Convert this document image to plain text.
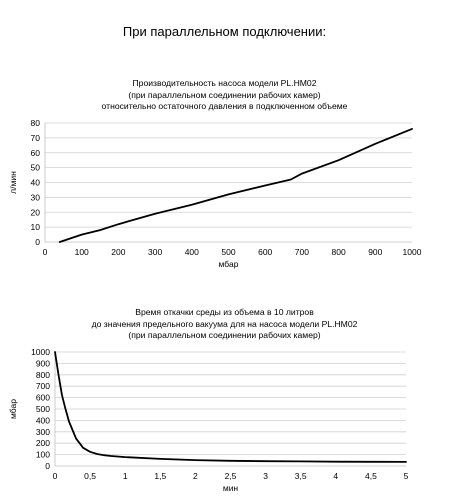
При параллельном подключении:
Производительность насоса модели PL.HM02
(при параллельном соединении рабочих камер)
относительно остаточного давления в подключенном объеме
Время откачки среды из объема в 10 литров
до значения предельного вакуума для на насоса модели PL.HM02
(при параллельном соединении рабочих камер)
0
10
20
30
40
50
60
70
80
0	100	200	300	400	500	600	700	800	900 1000
мбар
л/мин
0
100
200
300
400
500
600
700
800
900
1000
0	0,5	1	1,5	2	2,5	3	3,5	4	4,5	5
мин
мбар
